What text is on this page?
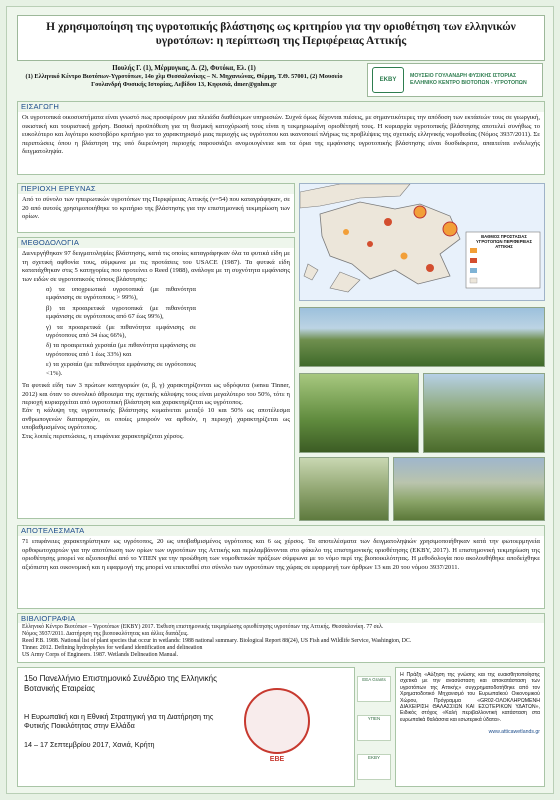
Η χρησιμοποίηση της υγροτοπικής βλάστησης ως κριτηρίου για την οριοθέτηση των ελληνικών υγροτόπων: η περίπτωση της Περιφέρειας Αττικής
Πουλής Γ. (1), Μέρμυγκας, Δ. (2), Φυτόκα, Ελ. (1)
(1) Ελληνικό Κέντρο Βιοτόπων-Υγροτόπων, 14ο χλμ Θεσσαλονίκης – Ν. Μηχανιώνας, Θέρμη, Τ.Θ. 57001, (2) Μουσείο Γουλανδρή Φυσικής Ιστορίας, Λεβίδου 13, Κηφισιά, dmer@gnhm.gr
ΕΚΒΥ
ΜΟΥΣΕΙΟ ΓΟΥΛΑΝΔΡΗ ΦΥΣΙΚΗΣ ΙΣΤΟΡΙΑΣ
ΕΛΛΗΝΙΚΟ ΚΕΝΤΡΟ ΒΙΟΤΟΠΩΝ - ΥΓΡΟΤΟΠΩΝ
ΕΙΣΑΓΩΓΗ
Οι υγροτοπικά οικοσυστήματα είναι γνωστό πως προσφέρουν μια πλειάδα διαθέσιμων υπηρεσιών. Συχνά όμως δέχονται πιέσεις, με σημαντικότερες την απόδοση των εκτάσεών τους σε γεωργική, οικιστική και τουριστική χρήση. Βασική προϋπόθεση για τη θεσμική κατοχύρωσή τους είναι η τεκμηριωμένη οριοθέτησή τους. Η κυριαρχία υγροτοπικής βλάστησης αποτελεί συνήθως το ευκολότερο και λιγότερο κοστοβόρο κριτήριο για το χαρακτηρισμό μιας περιοχής ως υγρότοπου και ικανοποιεί πλήρως τις προβλέψεις της σχετικής ελληνικής νομοθεσίας (Νόμος 3937/2011). Σε περιπτώσεις όπου η βλάστηση της υπό διερεύνηση περιοχής παρουσιάζει ανομοιογένεια και τα όρια της εμφάνισης υγροτοπικής βλάστησης είναι δυσδιάκριτα, απαιτείται ενδελεχής δειγματοληψία.
ΠΕΡΙΟΧΗ ΕΡΕΥΝΑΣ
Από το σύνολο των ηπειρωτικών υγροτόπων της Περιφέρειας Αττικής (ν=54) που καταγράφηκαν, σε 20 από αυτούς χρησιμοποιήθηκε το κριτήριο της βλάστησης για την επιστημονική τεκμηρίωση των ορίων.
ΒΑΘΜΟΣ ΠΡΟΣΤΑΣΙΑΣ ΥΓΡΟΤΟΠΩΝ ΠΕΡΙΦΕΡΕΙΑΣ ΑΤΤΙΚΗΣ
ΜΕΘΟΔΟΛΟΓΙΑ
Διενεργήθηκαν 97 δειγματοληψίες βλάστησης, κατά τις οποίες καταγράφηκαν όλα τα φυτικά είδη με τη σχετική αφθονία τους, σύμφωνα με τις προτάσεις του USACE (1987). Τα φυτικά είδη κατατάχθηκαν στις 5 κατηγορίες που προτείνει ο Reed (1988), ανάλογα με τη συχνότητα εμφάνισης των ειδών σε υγροτοπικούς τύπους βλάστησης:
α) τα υποχρεωτικά υγροτοπικά (με πιθανότητα εμφάνισης σε υγρότοπους > 99%),
β) τα προαιρετικά υγροτοπικά (με πιθανότητα εμφάνισης σε υγρότοπους από 67 έως 99%),
γ) τα προαιρετικά (με πιθανότητα εμφάνισης σε υγρότοπους από 34 έως 66%),
δ) τα προαιρετικά χερσαία (με πιθανότητα εμφάνισης σε υγρότοπους από 1 έως 33%) και
ε) τα χερσαία (με πιθανότητα εμφάνισης σε υγρότοπους <1%).
Τα φυτικά είδη των 3 πρώτων κατηγοριών (α, β, γ) χαρακτηρίζονται ως υδρόφυτα (sensu Tinner, 2012) και όταν το συνολικό άθροισμα της σχετικής κάλυψης τους είναι μεγαλύτερο του 50%, τότε η περιοχή κυριαρχείται από υγροτοπική βλάστηση και χαρακτηρίζεται ως υγρότοπος.
Εάν η κάλυψη της υγροτοπικής βλάστησης κυμαίνεται μεταξύ 10 και 50% ως αποτέλεσμα ανθρωπογενών διαταραχών, οι οποίες μπορούν να αρθούν, η περιοχή χαρακτηρίζεται ως υποβαθμισμένος υγρότοπος.
Στις λοιπές περιπτώσεις, η επιφάνεια χαρακτηρίζεται χέρσος.
ΑΠΟΤΕΛΕΣΜΑΤΑ
71 επιφάνειες χαρακτηρίστηκαν ως υγρότοπος, 20 ως υποβαθμισμένος υγρότοπος και 6 ως χέρσος. Τα αποτελέσματα των δειγματοληψιών χρησιμοποιήθηκαν κατά την φωτοερμηνεία ορθοφωτοχαρτών για την αποτύπωση των ορίων των υγροτόπων της Αττικής και περιλαμβάνονται στο φάκελο της επιστημονικής οριοθέτησης (ΕΚΒΥ, 2017). Η επιστημονική τεκμηρίωση της οριοθέτησης μπορεί να αξιοποιηθεί από το ΥΠΕΝ για την προώθηση των νομοθετικών πράξεων σύμφωνα με το νόμο περί της βιοποικιλότητας. Η μεθοδολογία που ακολουθήθηκε αποδείχθηκε αξιόπιστη και οικονομική και η εφαρμογή της μπορεί να επεκταθεί στο σύνολο των υγροτόπων της χώρας σε εφαρμογή των άρθρων 13 και 20 του νόμου 3937/2011.
ΒΙΒΛΙΟΓΡΑΦΙΑ
Ελληνικό Κέντρο Βιοτόπων – Υγροτόπων (ΕΚΒΥ) 2017. Έκθεση επιστημονικής τεκμηρίωσης οριοθέτησης υγροτόπων της Αττικής. Θεσσαλονίκη. 77 σελ.
Νόμος 3937/2011. Διατήρηση της βιοποικιλότητας και άλλες διατάξεις.
Reed P.B. 1988. National list of plant species that occur in wetlands: 1988 national summary. Biological Report 88(24), US Fish and Wildlife Service, Washington, DC.
Tinner. 2012. Defining hydrophytes for wetland identification and delineation
US Army Corps of Engineers. 1987. Wetlands Delineation Manual.
15ο Πανελλήνιο Επιστημονικό Συνέδριο της Ελληνικής Βοτανικής Εταιρείας
Η Ευρωπαϊκή και η Εθνική Στρατηγική για τη Διατήρηση της Φυτικής Ποικιλότητας στην Ελλάδα
14 – 17 Σεπτεμβρίου 2017, Χανιά, Κρήτη
ΕΒΕ
EEA Grants
ΥΠΕΝ
ΕΚΒΥ
Η Πράξη «Αύξηση της γνώσης και της ευαισθητοποίησης σχετικά με την ανασύσταση και αποκατάσταση των υγροτόπων της Αττικής» συγχρηματοδοτήθηκε από τον Χρηματοδοτικό Μηχανισμό του Ευρωπαϊκού Οικονομικού Χώρου, Πρόγραμμα «GR02-ΟΛΟΚΛΗΡΩΜΕΝΗ ΔΙΑΧΕΙΡΙΣΗ ΘΑΛΑΣΣΙΩΝ ΚΑΙ ΕΣΩΤΕΡΙΚΩΝ ΥΔΑΤΩΝ», Ειδικός στόχος «Καλή περιβαλλοντική κατάσταση στα ευρωπαϊκά θαλάσσια και εσωτερικά ύδατα».
www.atticawetlands.gr
